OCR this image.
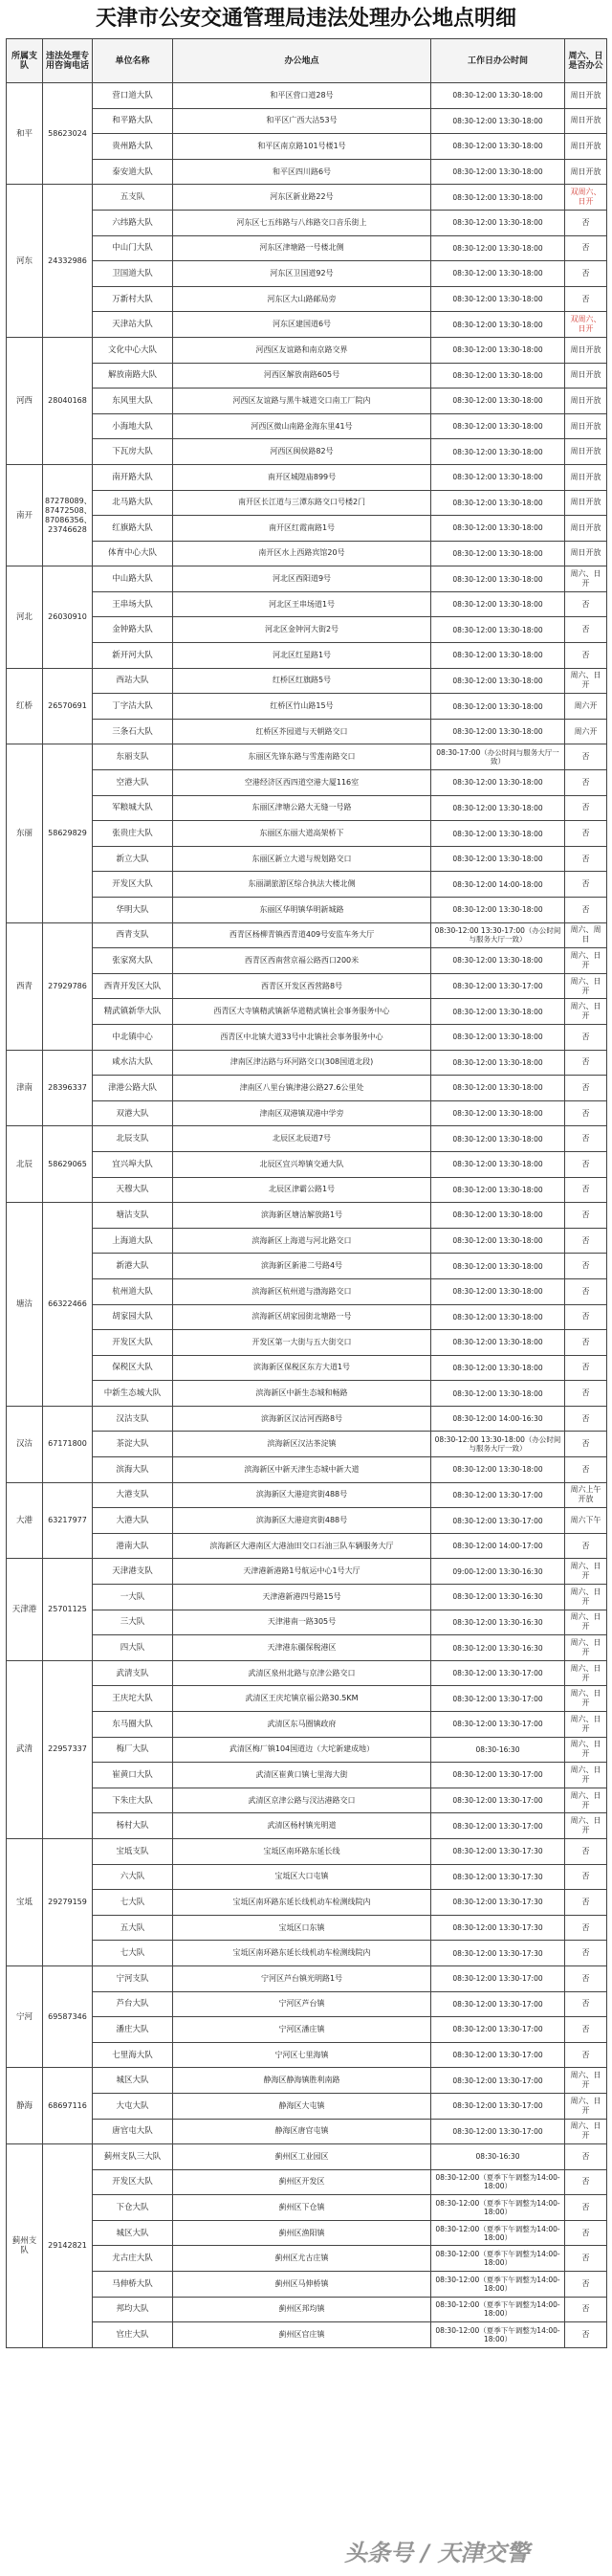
天津市公安交通管理局违法处理办公地点明细
所属支队	违法处理专用咨询电话	单位名称	办公地点	工作日办公时间	周六、日是否办公
和平	58623024	营口道大队	和平区营口道28号	08:30-12:00 13:30-18:00	周日开放
		和平路大队	和平区广西大沽53号	08:30-12:00 13:30-18:00	周日开放
		贵州路大队	和平区南京路101号楼1号	08:30-12:00 13:30-18:00	周日开放
		泰安道大队	和平区四川路6号	08:30-12:00 13:30-18:00	周日开放
河东	24332986	五支队	河东区新业路22号	08:30-12:00 13:30-18:00	双周六、日开
		六纬路大队	河东区七五纬路与八纬路交口音乐街上	08:30-12:00 13:30-18:00	否
		中山门大队	河东区津塘路一号楼北侧	08:30-12:00 13:30-18:00	否
		卫国道大队	河东区卫国道92号	08:30-12:00 13:30-18:00	否
		万新村大队	河东区大山路邮局旁	08:30-12:00 13:30-18:00	否
		天津站大队	河东区建国道6号	08:30-12:00 13:30-18:00	双周六、日开
河西	28040168	文化中心大队	河西区友谊路和南京路交界	08:30-12:00 13:30-18:00	周日开放
		解放南路大队	河西区解放南路605号	08:30-12:00 13:30-18:00	周日开放
		东风里大队	河西区友谊路与黑牛城道交口南工厂院内	08:30-12:00 13:30-18:00	周日开放
		小海地大队	河西区微山南路金海东里41号	08:30-12:00 13:30-18:00	周日开放
		下瓦房大队	河西区闽侯路82号	08:30-12:00 13:30-18:00	周日开放
南开	87278089、87472508、87086356、23746628	南开路大队	南开区城隍庙899号	08:30-12:00 13:30-18:00	周日开放
		北马路大队	南开区长江道与三潭东路交口号楼2门	08:30-12:00 13:30-18:00	周日开放
		红旗路大队	南开区红霞南路1号	08:30-12:00 13:30-18:00	周日开放
		体育中心大队	南开区水上西路宾馆20号	08:30-12:00 13:30-18:00	周日开放
河北	26030910	中山路大队	河北区西阳道9号	08:30-12:00 13:30-18:00	周六、日开
		王串场大队	河北区王串场道1号	08:30-12:00 13:30-18:00	否
		金钟路大队	河北区金钟河大街2号	08:30-12:00 13:30-18:00	否
		新开河大队	河北区红星路1号	08:30-12:00 13:30-18:00	否
红桥	26570691	西站大队	红桥区红旗路5号	08:30-12:00 13:30-18:00	周六、日开
		丁字沽大队	红桥区竹山路15号	08:30-12:00 13:30-18:00	周六开
		三条石大队	红桥区芥园道与天朝路交口	08:30-12:00 13:30-18:00	周六开
东丽	58629829	东丽支队	东丽区先锋东路与雪莲南路交口	08:30-17:00（办公时间与服务大厅一致）	否
		空港大队	空港经济区西四道空港大厦116室	08:30-12:00 13:30-18:00	否
		军粮城大队	东丽区津塘公路大无缝一号路	08:30-12:00 13:30-18:00	否
		张贵庄大队	东丽区东丽大道高架桥下	08:30-12:00 13:30-18:00	否
		新立大队	东丽区新立大道与规划路交口	08:30-12:00 13:30-18:00	否
		开发区大队	东丽湖旅游区综合执法大楼北侧	08:30-12:00 14:00-18:00	否
		华明大队	东丽区华明镇华明新城路	08:30-12:00 13:30-18:00	否
西青	27929786	西青支队	西青区杨柳青镇西青道409号安监车务大厅	08:30-12:00 13:30-17:00（办公时间与服务大厅一致）	周六、周日
		张家窝大队	西青区西南营京福公路西口200米	08:30-12:00 13:30-18:00	周六、日开
		西青开发区大队	西青区开发区西营路8号	08:30-12:00 13:30-17:00	周六、日开
		精武镇新华大队	西青区大寺镇精武镇新华道精武镇社会事务服务中心	08:30-12:00 13:30-18:00	周六、日开
		中北镇中心	西青区中北镇大道33号中北镇社会事务服务中心	08:30-12:00 13:30-18:00	否
津南	28396337	咸水沽大队	津南区津沽路与环河路交口(308国道北段)	08:30-12:00 13:30-18:00	否
		津港公路大队	津南区八里台镇津港公路27.6公里处	08:30-12:00 13:30-18:00	否
		双港大队	津南区双港镇双港中学旁	08:30-12:00 13:30-18:00	否
北辰	58629065	北辰支队	北辰区北辰道7号	08:30-12:00 13:30-18:00	否
		宜兴埠大队	北辰区宜兴埠镇交通大队	08:30-12:00 13:30-18:00	否
		天穆大队	北辰区津霸公路1号	08:30-12:00 13:30-18:00	否
塘沽	66322466	塘沽支队	滨海新区塘沽解放路1号	08:30-12:00 13:30-18:00	否
		上海道大队	滨海新区上海道与河北路交口	08:30-12:00 13:30-18:00	否
		新港大队	滨海新区新港二号路4号	08:30-12:00 13:30-18:00	否
		杭州道大队	滨海新区杭州道与渤海路交口	08:30-12:00 13:30-18:00	否
		胡家园大队	滨海新区胡家园街北塘路一号	08:30-12:00 13:30-18:00	否
		开发区大队	开发区第一大街与五大街交口	08:30-12:00 13:30-18:00	否
		保税区大队	滨海新区保税区东方大道1号	08:30-12:00 13:30-18:00	否
		中新生态城大队	滨海新区中新生态城和畅路	08:30-12:00 13:30-18:00	否
汉沽	67171800	汉沽支队	滨海新区汉沽河西路8号	08:30-12:00 14:00-16:30	否
		茶淀大队	滨海新区汉沽茶淀镇	08:30-12:00 13:30-18:00（办公时间与服务大厅一致）	否
		滨海大队	滨海新区中新天津生态城中新大道	08:30-12:00 13:30-18:00	否
大港	63217977	大港支队	滨海新区大港迎宾街488号	08:30-12:00 13:30-17:00	周六上午开放
		大港大队	滨海新区大港迎宾街488号	08:30-12:00 13:30-17:00	周六下午
		港南大队	滨海新区大港南区大港油田交口石油三队车辆服务大厅	08:30-12:00 14:00-17:00	否
天津港	25701125	天津港支队	天津港新港路1号航运中心1号大厅	09:00-12:00 13:30-16:30	周六、日开
		一大队	天津港新港四号路15号	08:30-12:00 13:30-16:30	周六、日开
		三大队	天津港南一路305号	08:30-12:00 13:30-16:30	周六、日开
		四大队	天津港东疆保税港区	08:30-12:00 13:30-16:30	周六、日开
武清	22957337	武清支队	武清区泉州北路与京津公路交口	08:30-12:00 13:30-17:00	周六、日开
		王庆坨大队	武清区王庆坨镇京福公路30.5KM	08:30-12:00 13:30-17:00	周六、日开
		东马圈大队	武清区东马圈镇政府	08:30-12:00 13:30-17:00	周六、日开
		梅厂大队	武清区梅厂镇104国道边（大坨新建成地）	08:30-16:30	周六、日开
		崔黄口大队	武清区崔黄口镇七里海大街	08:30-12:00 13:30-17:00	周六、日开
		下朱庄大队	武清区京津公路与汊沽港路交口	08:30-12:00 13:30-17:00	周六、日开
		杨村大队	武清区杨村镇光明道	08:30-12:00 13:30-17:00	周六、日开
宝坻	29279159	宝坻支队	宝坻区南环路东延长线	08:30-12:00 13:30-17:30	否
		六大队	宝坻区大口屯镇	08:30-12:00 13:30-17:30	否
		七大队	宝坻区南环路东延长线机动车检测线院内	08:30-12:00 13:30-17:30	否
		五大队	宝坻区口东镇	08:30-12:00 13:30-17:30	否
		七大队	宝坻区南环路东延长线机动车检测线院内	08:30-12:00 13:30-17:30	否
宁河	69587346	宁河支队	宁河区芦台镇光明路1号	08:30-12:00 13:30-17:00	否
		芦台大队	宁河区芦台镇	08:30-12:00 13:30-17:00	否
		潘庄大队	宁河区潘庄镇	08:30-12:00 13:30-17:00	否
		七里海大队	宁河区七里海镇	08:30-12:00 13:30-17:00	否
静海	68697116	城区大队	静海区静海镇胜利南路	08:30-12:00 13:30-17:00	周六、日开
		大屯大队	静海区大屯镇	08:30-12:00 13:30-17:00	周六、日开
		唐官屯大队	静海区唐官屯镇	08:30-12:00 13:30-17:00	周六、日开
蓟州支队	29142821	蓟州支队三大队	蓟州区工业园区	08:30-16:30	否
		开发区大队	蓟州区开发区	08:30-12:00（夏季下午调整为14:00-18:00）	否
		下仓大队	蓟州区下仓镇	08:30-12:00（夏季下午调整为14:00-18:00）	否
		城区大队	蓟州区渔阳镇	08:30-12:00（夏季下午调整为14:00-18:00）	否
		尤古庄大队	蓟州区尤古庄镇	08:30-12:00（夏季下午调整为14:00-18:00）	否
		马伸桥大队	蓟州区马伸桥镇	08:30-12:00（夏季下午调整为14:00-18:00）	否
		邦均大队	蓟州区邦均镇	08:30-12:00（夏季下午调整为14:00-18:00）	否
		官庄大队	蓟州区官庄镇	08:30-12:00（夏季下午调整为14:00-18:00）	否
头条号 / 天津交警
